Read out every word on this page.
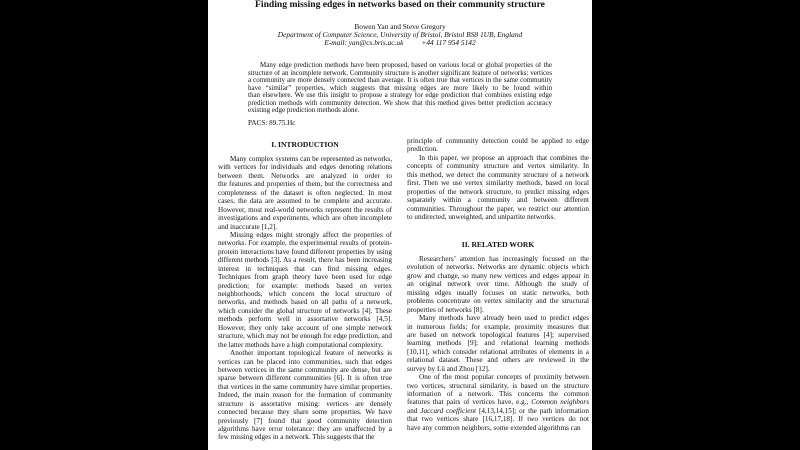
Finding missing edges in networks based on their community structure
Bowen Yan and Steve Gregory
Department of Computer Science, University of Bristol, Bristol BS8 1UB, England
E-mail: yan@cs.bris.ac.uk +44 117 954 5142
Many edge prediction methods have been proposed, based on various local or global properties of the
structure of an incomplete network. Community structure is another significant feature of networks: vertices
a community are more densely connected than average. It is often true that vertices in the same community
have “similar” properties, which suggests that missing edges are more likely to be found within
than elsewhere. We use this insight to propose a strategy for edge prediction that combines existing edge
prediction methods with community detection. We show that this method gives better prediction accuracy
existing edge prediction methods alone.
PACS: 89.75.Hc
I. INTRODUCTION
Many complex systems can be represented as networks,
with vertices for individuals and edges denoting relations
between them. Networks are analyzed in order to
the features and properties of them, but the correctness and
completeness of the dataset is often neglected. In most
cases, the data are assumed to be complete and accurate.
However, most real-world networks represent the results of
investigations and experiments, which are often incomplete
and inaccurate [1,2].
Missing edges might strongly affect the properties of
networks. For example, the experimental results of protein-
protein interactions have found different properties by using
different methods [3]. As a result, there has been increasing
interest in techniques that can find missing edges.
Techniques from graph theory have been used for edge
prediction; for example: methods based on vertex
neighborhoods, which concern the local structure of
networks, and methods based on all paths of a network,
which consider the global structure of networks [4]. These
methods perform well in assortative networks [4,5].
However, they only take account of one simple network
structure, which may not be enough for edge prediction, and
the latter methods have a high computational complexity.
Another important topological feature of networks is
vertices can be placed into communities, such that edges
between vertices in the same community are dense, but are
sparse between different communities [6]. It is often true
that vertices in the same community have similar properties.
Indeed, the main reason for the formation of community
structure is assortative mixing: vertices are densely
connected because they share some properties. We have
previously [7] found that good community detection
algorithms have error tolerance: they are unaffected by a
few missing edges in a network. This suggests that the
principle of community detection could be applied to edge
prediction.
In this paper, we propose an approach that combines the
concepts of community structure and vertex similarity. In
this method, we detect the community structure of a network
first. Then we use vertex similarity methods, based on local
properties of the network structure, to predict missing edges
separately within a community and between different
communities. Throughout the paper, we restrict our attention
to undirected, unweighted, and unipartite networks.
II. RELATED WORK
Researchers’ attention has increasingly focused on the
evolution of networks. Networks are dynamic objects which
grow and change, so many new vertices and edges appear in
an original network over time. Although the study of
missing edges usually focuses on static networks, both
problems concentrate on vertex similarity and the structural
properties of networks [8].
Many methods have already been used to predict edges
in numerous fields; for example, proximity measures that
are based on network topological features [4]; supervised
learning methods [9]; and relational learning methods
[10,11], which consider relational attributes of elements in a
relational dataset. These and others are reviewed in the
survey by Lü and Zhou [12].
One of the most popular concepts of proximity between
two vertices, structural similarity, is based on the structure
information of a network. This concerns the common
features that pairs of vertices have, e.g., Common neighbors
and Jaccard coefficient [4,13,14,15]; or the path information
that two vertices share [16,17,18]. If two vertices do not
have any common neighbors, some extended algorithms can
